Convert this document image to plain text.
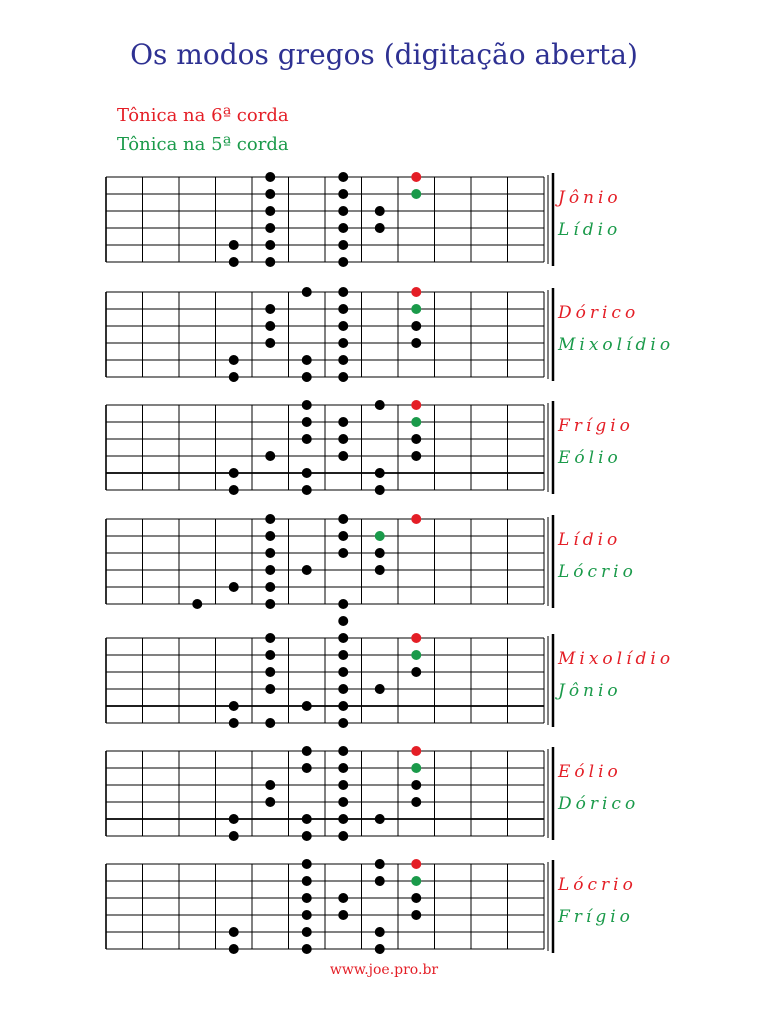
Os modos gregos (digitação aberta)
Tônica na 6ª corda
Tônica na 5ª corda
Jônio
Lídio
Dórico
Mixolídio
Frígio
Eólio
Lídio
Lócrio
Mixolídio
Jônio
Eólio
Dórico
Lócrio
Frígio
www.joe.pro.br
